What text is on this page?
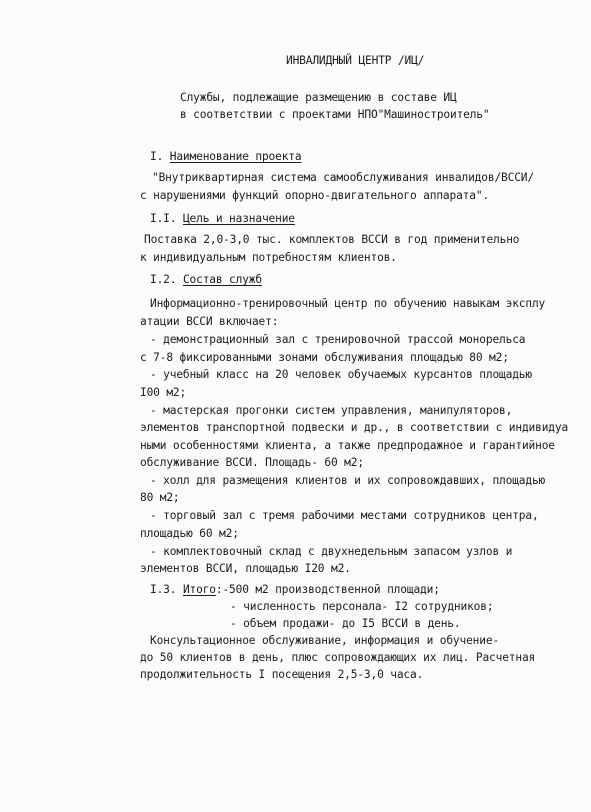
ИНВАЛИДНЫЙ ЦЕНТР /ИЦ/
Службы, подлежащие размещению в составе ИЦ
в соответствии с проектами НПО"Машиностроитель"
I. Наименование проекта
"Внутриквартирная система самообслуживания инвалидов/ВССИ/
с нарушениями функций опорно-двигательного аппарата".
I.I. Цель и назначение
Поставка 2,0-3,0 тыс. комплектов ВССИ в год применительно
к индивидуальным потребностям клиентов.
I.2. Состав служб
Информационно-тренировочный центр по обучению навыкам эксплу
атации ВССИ включает:
- демонстрационный зал с тренировочной трассой монорельса
с 7-8 фиксированными зонами обслуживания площадью 80 м2;
- учебный класс на 20 человек обучаемых курсантов площадью
I00 м2;
- мастерская прогонки систем управления, манипуляторов,
элементов транспортной подвески и др., в соответствии с индивидуа
ными особенностями клиента, а также предпродажное и гарантийное
обслуживание ВССИ. Площадь- 60 м2;
- холл для размещения клиентов и их сопровождавших, площадью
80 м2;
- торговый зал с тремя рабочими местами сотрудников центра,
площадью 60 м2;
- комплектовочный склад с двухнедельным запасом узлов и
элементов ВССИ, площадью I20 м2.
I.3. Итого:-500 м2 производственной площади;
- численность персонала- I2 сотрудников;
- объем продажи- до I5 ВССИ в день.
Консультационное обслуживание, информация и обучение-
до 50 клиентов в день, плюс сопровождающих их лиц. Расчетная
продолжительность I посещения 2,5-3,0 часа.
